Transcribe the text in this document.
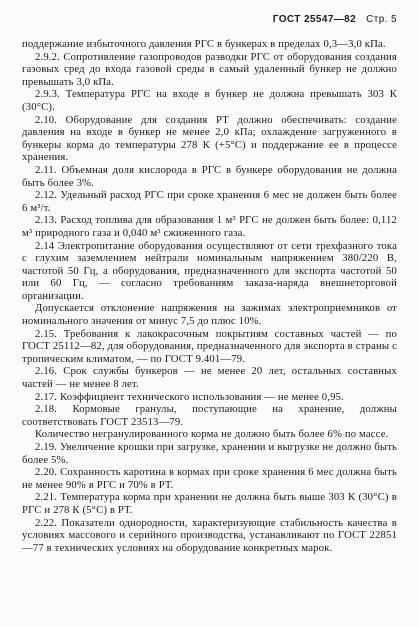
ГОСТ 25547—82 Стр. 5

поддержание избыточного давления РГС в бункерах в пределах 0,3—3,0 кПа.

2.9.2. Сопротивление газопроводов разводки РГС от оборудования создания газовых сред до входа газовой среды в самый удаленный бункер не должно превышать 3,0 кПа.

2.9.3. Температура РГС на входе в бункер не должна превышать 303 К (30°С).

2.10. Оборудование для создания РТ должно обеспечивать: создание давления на входе в бункер не менее 2,0 кПа; охлаждение загруженного в бункеры корма до температуры 278 К (+5°С) и поддержание ее в процессе хранения.

2.11. Объемная доля кислорода в РГС в бункере оборудования не должна быть более 3%.

2.12. Удельный расход РГС при сроке хранения 6 мес не должен быть более 6 м³/т.

2.13. Расход топлива для образования 1 м³ РГС не должен быть более: 0,112 м³ природного газа и 0,040 м³ сжиженного газа.

2.14 Электропитание оборудования осуществляют от сети трехфазного тока с глухим заземлением нейтрали номинальным напряжением 380/220 В, частотой 50 Гц, а оборудования, предназначенного для экспорта частотой 50 или 60 Гц, — согласно требованиям заказа-наряда внешнеторговой организации.

Допускается отклонение напряжения на зажимах электроприемников от номинального значения от минус 7,5 до плюс 10%.

2.15. Требования к лакокрасочным покрытиям составных частей — по ГОСТ 25112—82, для оборудования, предназначенного для экспорта в страны с тропическим климатом, — по ГОСТ 9.401—79.

2.16. Срок службы бункеров — не менее 20 лет, остальных составных частей — не менее 8 лет.

2.17. Коэффициент технического использования — не менее 0,95.

2.18. Кормовые гранулы, поступающие на хранение, должны соответствовать ГОСТ 23513—79.

Количество негранулированного корма не должно быть более 6% по массе.

2.19. Увеличение крошки при загрузке, хранении и выгрузке не должно быть более 5%.

2.20. Сохранность каротина в кормах при сроке хранения 6 мес должна быть не менее 90% в РГС и 70% в РТ.

2.21. Температура корма при хранении не должна быть выше 303 К (30°С) в РГС и 278 К (5°С) в РТ.

2.22. Показатели однородности, характеризующие стабильность качества в условиях массового и серийного производства, устанавливают по ГОСТ 22851—77 в технических условиях на оборудование конкретных марок.
